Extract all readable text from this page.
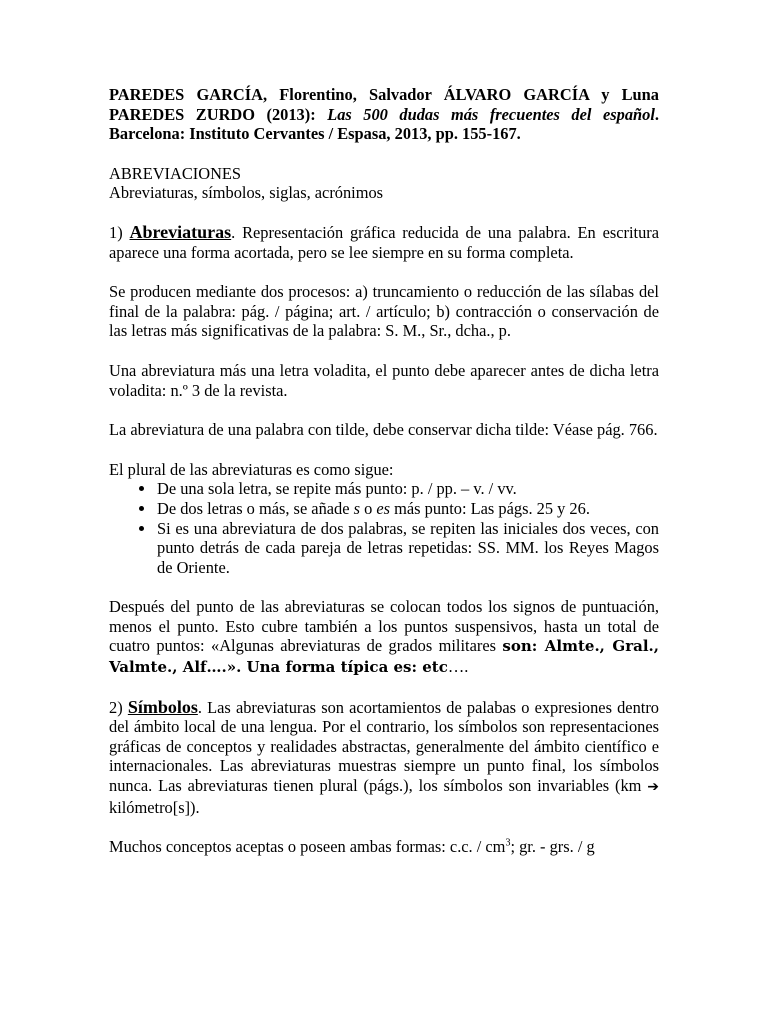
PAREDES GARCÍA, Florentino, Salvador ÁLVARO GARCÍA y Luna PAREDES ZURDO (2013): Las 500 dudas más frecuentes del español. Barcelona: Instituto Cervantes / Espasa, 2013, pp. 155-167.

ABREVIACIONES

Abreviaturas, símbolos, siglas, acrónimos

1) Abreviaturas. Representación gráfica reducida de una palabra. En escritura aparece una forma acortada, pero se lee siempre en su forma completa.

Se producen mediante dos procesos: a) truncamiento o reducción de las sílabas del final de la palabra: pág. / página; art. / artículo; b) contracción o conservación de las letras más significativas de la palabra: S. M., Sr., dcha., p.

Una abreviatura más una letra voladita, el punto debe aparecer antes de dicha letra voladita: n.º 3 de la revista.

La abreviatura de una palabra con tilde, debe conservar dicha tilde: Véase pág. 766.

El plural de las abreviaturas es como sigue:

• De una sola letra, se repite más punto: p. / pp. – v. / vv.
• De dos letras o más, se añade s o es más punto: Las págs. 25 y 26.
• Si es una abreviatura de dos palabras, se repiten las iniciales dos veces, con punto detrás de cada pareja de letras repetidas: SS. MM. los Reyes Magos de Oriente.

Después del punto de las abreviaturas se colocan todos los signos de puntuación, menos el punto. Esto cubre también a los puntos suspensivos, hasta un total de cuatro puntos: «Algunas abreviaturas de grados militares son: Almte., Gral., Valmte., Alf….». Una forma típica es: etc….

2) Símbolos. Las abreviaturas son acortamientos de palabas o expresiones dentro del ámbito local de una lengua. Por el contrario, los símbolos son representaciones gráficas de conceptos y realidades abstractas, generalmente del ámbito científico e internacionales. Las abreviaturas muestras siempre un punto final, los símbolos nunca. Las abreviaturas tienen plural (págs.), los símbolos son invariables (km ➔ kilómetro[s]).

Muchos conceptos aceptas o poseen ambas formas: c.c. / $cm^3$; gr. - grs. / g
